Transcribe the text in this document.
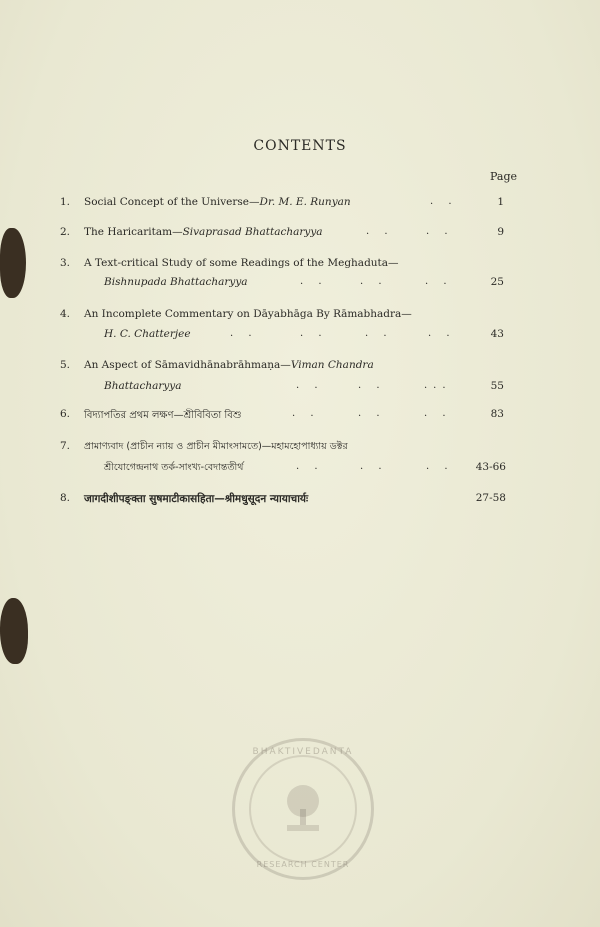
CONTENTS
Page
1.	Social Concept of the Universe—Dr. M. E. Runyan	. .	1
2.	The Haricaritam—Sivaprasad Bhattacharyya	. .	. .	9
3.	A Text-critical Study of some Readings of the Meghaduta—
Bishnupada Bhattacharyya	. .	. .	. .	25
4.	An Incomplete Commentary on Dāyabhāga By Rāmabhadra—
H. C. Chatterjee	. .	. .	. .	. .	43
5.	An Aspect of Sāmavidhānabrāhmaṇa—Viman Chandra
Bhattacharyya	. .	. .	...	55
6.	বিদ্যাপতির প্রথম লক্ষণ—শ্রীবিবিতা বিশু	. .	. .	. .	83
7.	প্রামাণ্যবাদ (প্রাচীন ন্যায় ও প্রাচীন মীমাংসামতে)—মহামহোপাধ্যায় ডক্টর
শ্রীযোগেন্দ্রনাথ তর্ক-সাংখ্য-বেদান্ততীর্থ	. .	. .	. .	43-66
8.	जागदीशीपङ्क्ता सुषमाटीकासहिता—श्रीमधुसूदन न्यायाचार्यः	27-58
BHAKTIVEDANTA
RESEARCH CENTER
